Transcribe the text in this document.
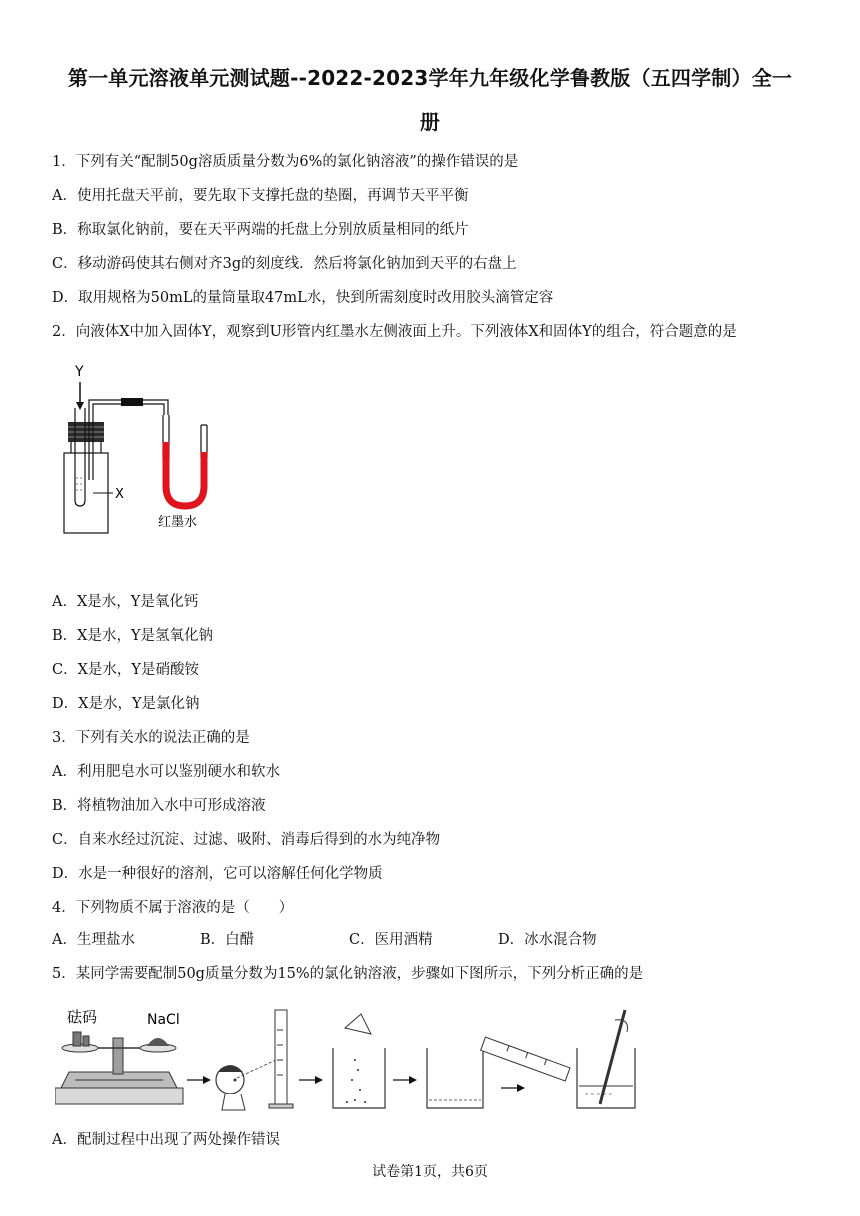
第一单元溶液单元测试题--2022-2023学年九年级化学鲁教版（五四学制）全一
册
1．下列有关“配制50g溶质质量分数为6%的氯化钠溶液”的操作错误的是
A．使用托盘天平前，要先取下支撑托盘的垫圈，再调节天平平衡
B．称取氯化钠前，要在天平两端的托盘上分别放质量相同的纸片
C．移动游码使其右侧对齐3g的刻度线．然后将氯化钠加到天平的右盘上
D．取用规格为50mL的量筒量取47mL水，快到所需刻度时改用胶头滴管定容
2．向液体X中加入固体Y，观察到U形管内红墨水左侧液面上升。下列液体X和固体Y的组合，符合题意的是
Y
X
红墨水
A．X是水，Y是氧化钙
B．X是水，Y是氢氧化钠
C．X是水，Y是硝酸铵
D．X是水，Y是氯化钠
3．下列有关水的说法正确的是
A．利用肥皂水可以鉴别硬水和软水
B．将植物油加入水中可形成溶液
C．自来水经过沉淀、过滤、吸附、消毒后得到的水为纯净物
D．水是一种很好的溶剂，它可以溶解任何化学物质
4．下列物质不属于溶液的是（　　）
A．生理盐水	B．白醋	C．医用酒精	D．冰水混合物
5．某同学需要配制50g质量分数为15%的氯化钠溶液，步骤如下图所示，下列分析正确的是
砝码	NaCl
A．配制过程中出现了两处操作错误
试卷第1页，共6页
